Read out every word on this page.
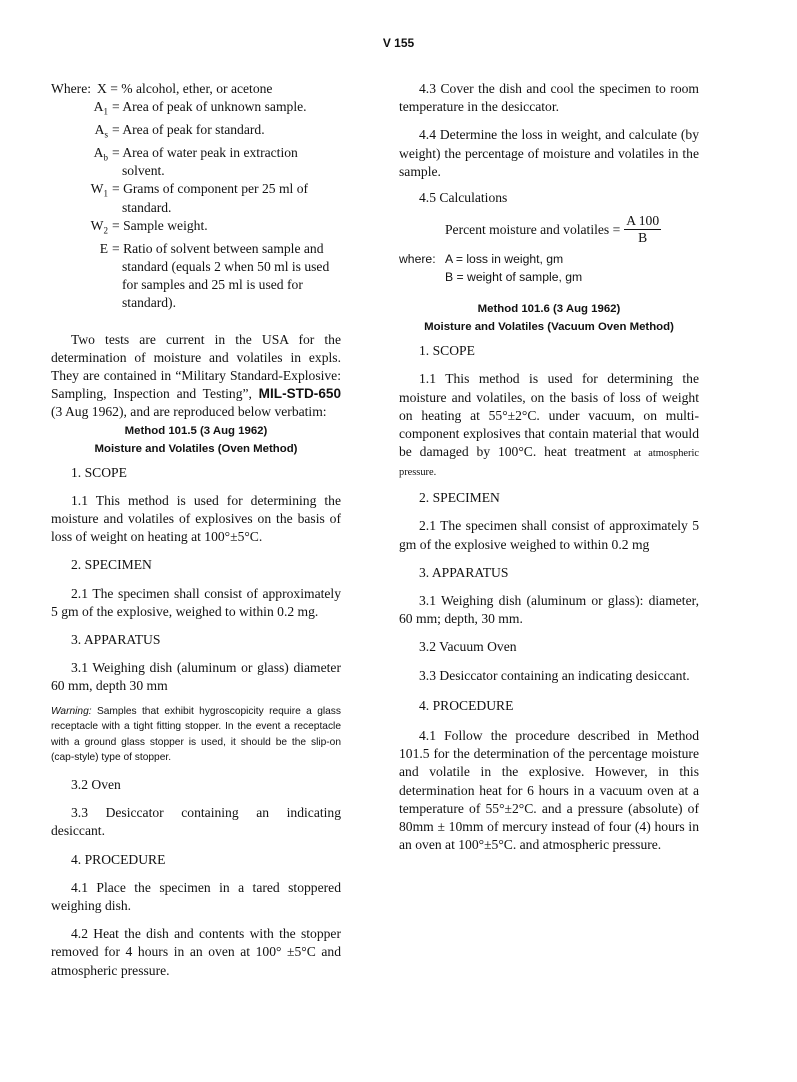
V 155
Where: X = % alcohol, ether, or acetone
$A_1$ = Area of peak of unknown sample.
$A_s$ = Area of peak for standard.
$A_b$ = Area of water peak in extraction
solvent.
$W_1$ = Grams of component per 25 ml of
standard.
$W_2$ = Sample weight.
E = Ratio of solvent between sample and
standard (equals 2 when 50 ml is used for samples and 25 ml is used for standard).

Two tests are current in the USA for the determination of moisture and volatiles in expls. They are contained in “Military Standard-Explosive: Sampling, Inspection and Testing”, MIL-STD-650 (3 Aug 1962), and are reproduced below verbatim:

Method 101.5 (3 Aug 1962)
Moisture and Volatiles (Oven Method)

1. SCOPE

1.1 This method is used for determining the moisture and volatiles of explosives on the basis of loss of weight on heating at 100°±5°C.

2. SPECIMEN

2.1 The specimen shall consist of approximately 5 gm of the explosive, weighed to within 0.2 mg.

3. APPARATUS

3.1 Weighing dish (aluminum or glass) diameter 60 mm, depth 30 mm

Warning: Samples that exhibit hygroscopicity require a glass receptacle with a tight fitting stopper. In the event a receptacle with a ground glass stopper is used, it should be the slip-on (cap-style) type of stopper.

3.2 Oven

3.3 Desiccator containing an indicating desiccant.

4. PROCEDURE

4.1 Place the specimen in a tared stoppered weighing dish.

4.2 Heat the dish and contents with the stopper removed for 4 hours in an oven at 100° ±5°C and atmospheric pressure.

4.3 Cover the dish and cool the specimen to room temperature in the desiccator.

4.4 Determine the loss in weight, and calculate (by weight) the percentage of moisture and volatiles in the sample.

4.5 Calculations

Percent moisture and volatiles = $\frac{A 100}{B}$
where: A = loss in weight, gm
B = weight of sample, gm
Method 101.6 (3 Aug 1962)
Moisture and Volatiles (Vacuum Oven Method)

1. SCOPE

1.1 This method is used for determining the moisture and volatiles, on the basis of loss of weight on heating at 55°±2°C. under vacuum, on multi-component explosives that contain material that would be damaged by 100°C. heat treatment at atmospheric pressure.

2. SPECIMEN

2.1 The specimen shall consist of approximately 5 gm of the explosive weighed to within 0.2 mg

3. APPARATUS

3.1 Weighing dish (aluminum or glass): diameter, 60 mm; depth, 30 mm.

3.2 Vacuum Oven

3.3 Desiccator containing an indicating desiccant.

4. PROCEDURE

4.1 Follow the procedure described in Method 101.5 for the determination of the percentage moisture and volatile in the explosive. However, in this determination heat for 6 hours in a vacuum oven at a temperature of 55°±2°C. and a pressure (absolute) of 80mm ± 10mm of mercury instead of four (4) hours in an oven at 100°±5°C. and atmospheric pressure.
